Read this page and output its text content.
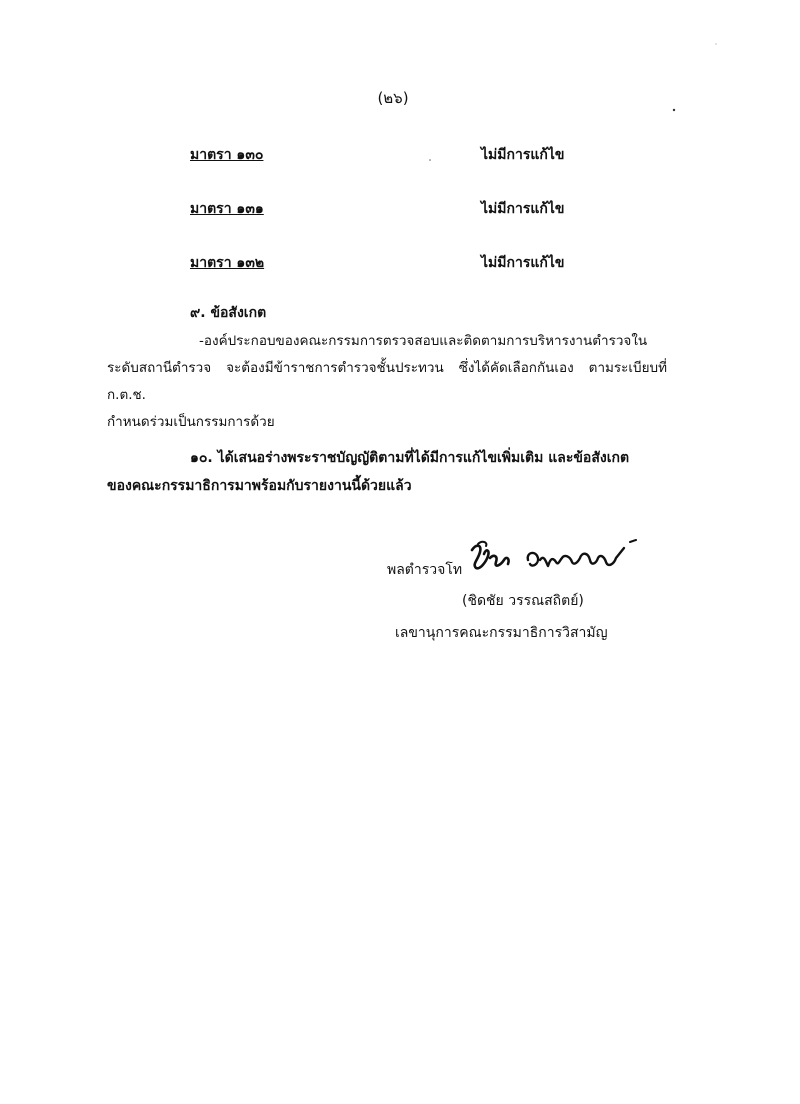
(๒๖)
มาตรา ๑๓๐	ไม่มีการแก้ไข
มาตรา ๑๓๑	ไม่มีการแก้ไข
มาตรา ๑๓๒	ไม่มีการแก้ไข
๙. ข้อสังเกต
-องค์ประกอบของคณะกรรมการตรวจสอบและติดตามการบริหารงานตำรวจใน
ระดับสถานีตำรวจ จะต้องมีข้าราชการตำรวจชั้นประทวน ซึ่งได้คัดเลือกกันเอง ตามระเบียบที่ ก.ต.ช.
กำหนดร่วมเป็นกรรมการด้วย
๑๐. ได้เสนอร่างพระราชบัญญัติตามที่ได้มีการแก้ไขเพิ่มเติม และข้อสังเกต
ของคณะกรรมาธิการมาพร้อมกับรายงานนี้ด้วยแล้ว
พลตำรวจโท
(ชิดชัย วรรณสถิตย์)
เลขานุการคณะกรรมาธิการวิสามัญ
